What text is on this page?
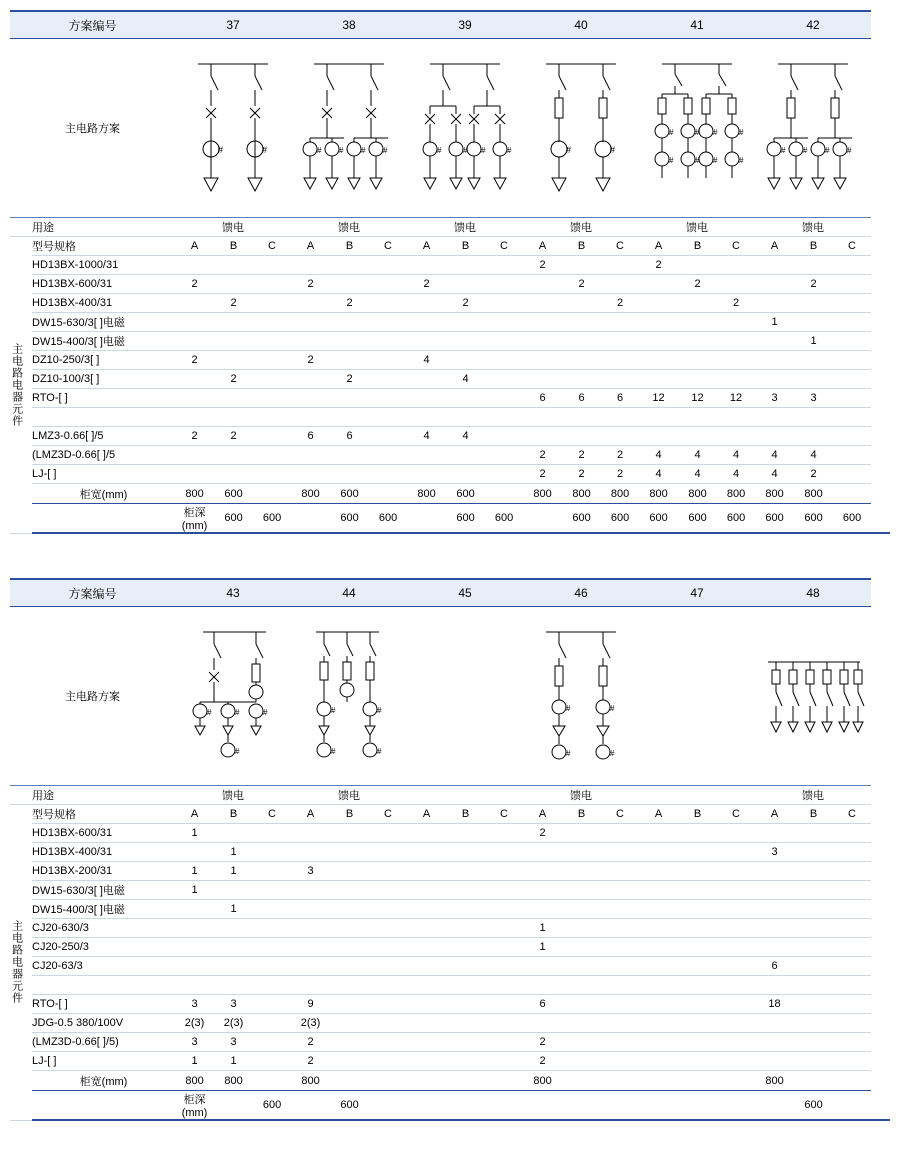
方案编号		37			38			39			40			41			42			
主电路方案	
#	#	# # # #	#	# #	#	#	#

#	# #	#
#	# #	#

# # # #

	用途	馈电			馈电			馈电			馈电			馈电			馈电			

主电路电器元件	型号规格	A	B	C	A	B	C	A	B	C	A	B	C	A	B	C	A	B	C	
	HD13BX-1000/31										2			2						
	HD13BX-600/31	2			2			2				2			2			2		
	HD13BX-400/31		2			2			2				2			2				
	DW15-630/3[ ]电磁																1			
	DW15-400/3[ ]电磁																	1		
	DZ10-250/3[ ]	2			2			4												
	DZ10-100/3[ ]		2			2			4											
	RTO-[ ]										6	6	6	12	12	12	3	3		

	LMZ3-0.66[ ]/5	2	2		6	6		4	4											
	(LMZ3D-0.66[ ]/5										2	2	2	4	4	4	4	4		
	LJ-[ ]										2	2	2	4	4	4	4	2		
	柜宽(mm)	800	600		800	600		800	600		800	800	800	800	800	800	800	800		
		柜深(mm)	600	600		600	600		600	600		600	600	600	600	600	600	600	600	
方案编号		43			44			45			46			47			48			
主电路方案		# # #
#			# #
# #						# #
# #

	用途	馈电			馈电						馈电						馈电			

主电路电器元件	型号规格	A	B	C	A	B	C	A	B	C	A	B	C	A	B	C	A	B	C	
	HD13BX-600/31	1									2									
	HD13BX-400/31		1														3			
	HD13BX-200/31	1	1		3															
	DW15-630/3[ ]电磁	1																		
	DW15-400/3[ ]电磁		1																	
	CJ20-630/3										1									
	CJ20-250/3										1									
	CJ20-63/3																6			

	RTO-[ ]	3	3		9						6						18			
	JDG-0.5 380/100V	2(3)	2(3)		2(3)															
	(LMZ3D-0.66[ ]/5)	3	3		2						2									
	LJ-[ ]	1	1		2						2									
	柜宽(mm)	800	800		800						800						800			
		柜深(mm)		600		600												600		
